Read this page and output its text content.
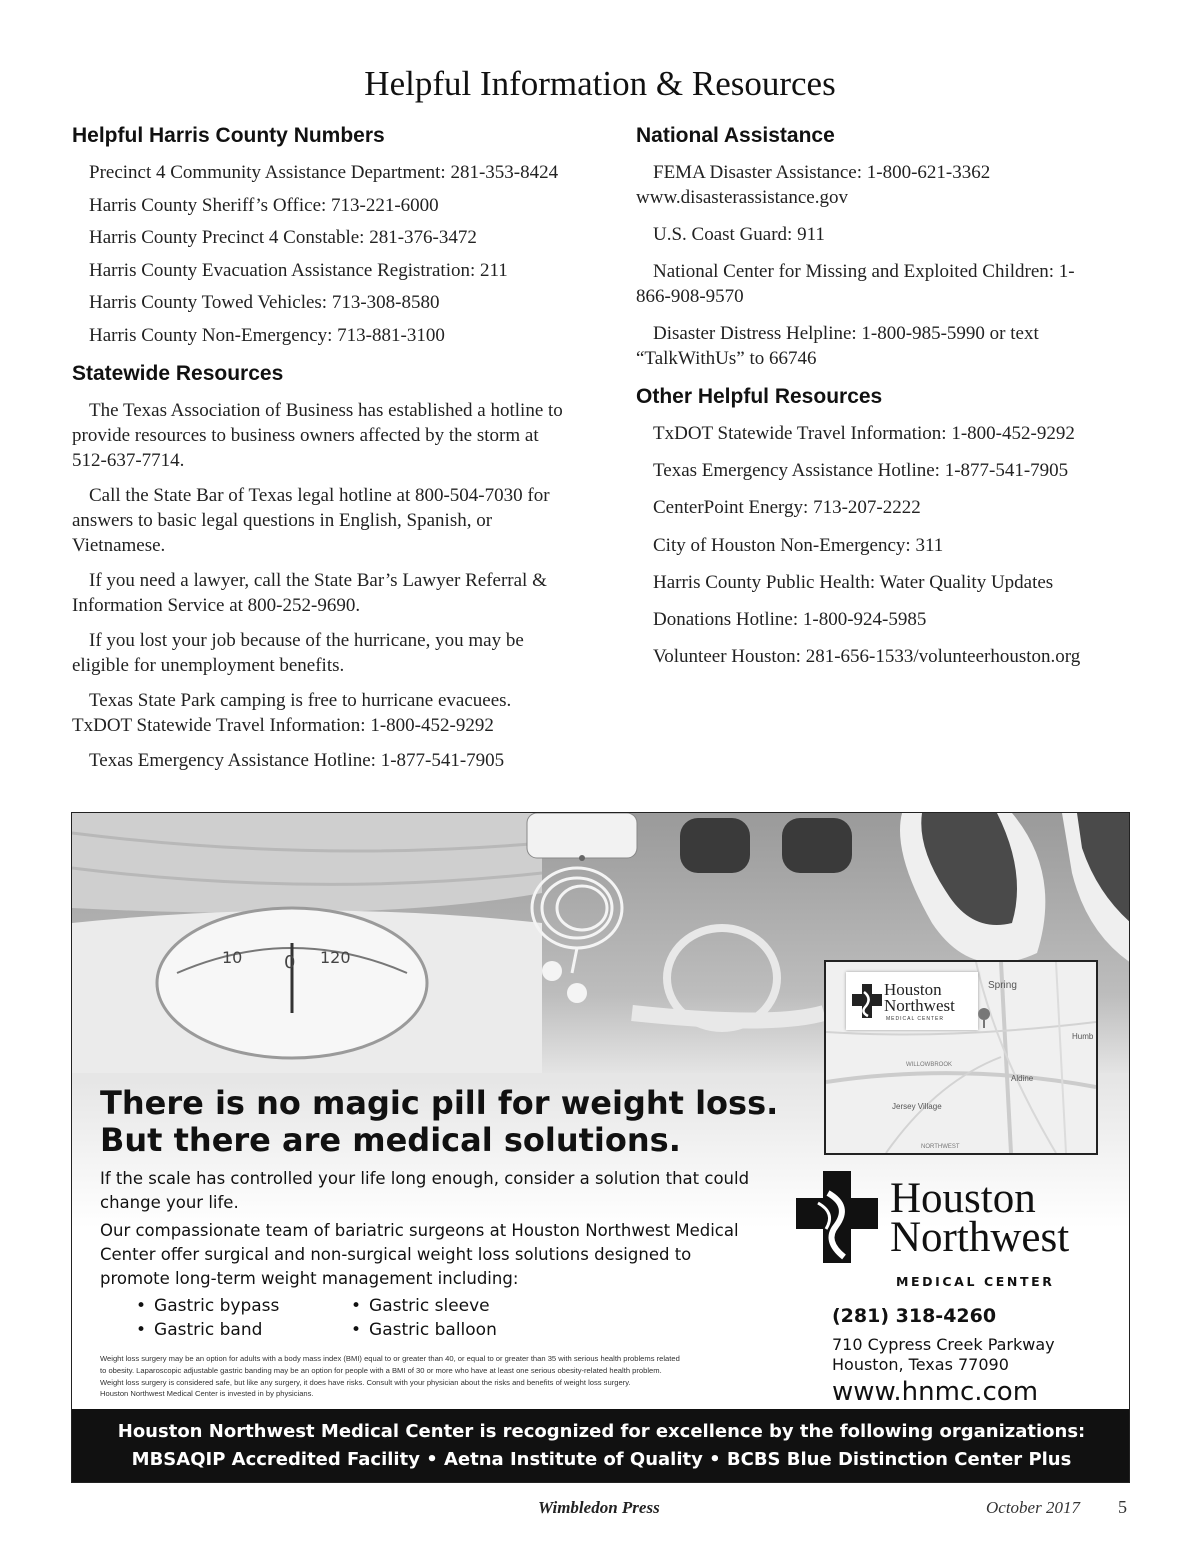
Helpful Information & Resources
Helpful Harris County Numbers

Precinct 4 Community Assistance Department: 281-353-8424

Harris County Sheriff’s Office: 713-221-6000

Harris County Precinct 4 Constable: 281-376-3472

Harris County Evacuation Assistance Registration: 211

Harris County Towed Vehicles: 713-308-8580

Harris County Non-Emergency: 713-881-3100

Statewide Resources

The Texas Association of Business has established a hotline to provide resources to business owners affected by the storm at 512-637-7714.

Call the State Bar of Texas legal hotline at 800-504-7030 for answers to basic legal questions in English, Spanish, or Vietnamese.

If you need a lawyer, call the State Bar’s Lawyer Referral & Information Service at 800-252-9690.

If you lost your job because of the hurricane, you may be eligible for unemployment benefits.

Texas State Park camping is free to hurricane evacuees. TxDOT Statewide Travel Information: 1-800-452-9292

Texas Emergency Assistance Hotline: 1-877-541-7905

National Assistance

FEMA Disaster Assistance: 1-800-621-3362 www.disasterassistance.gov

U.S. Coast Guard: 911

National Center for Missing and Exploited Children: 1-866-908-9570

Disaster Distress Helpline: 1-800-985-5990 or text “TalkWithUs” to 66746

Other Helpful Resources

TxDOT Statewide Travel Information: 1-800-452-9292

Texas Emergency Assistance Hotline: 1-877-541-7905

CenterPoint Energy: 713-207-2222

City of Houston Non-Emergency: 311

Harris County Public Health: Water Quality Updates

Donations Hotline: 1-800-924-5985

Volunteer Houston: 281-656-1533/volunteerhouston.org

10 0 120
Houston
Northwest
MEDICAL CENTER
Spring
Aldine
Jersey Village
Humb
WILLOWBROOK
NORTHWEST
There is no magic pill for weight loss.
But there are medical solutions.

If the scale has controlled your life long enough, consider a solution that could change your life.

Our compassionate team of bariatric surgeons at Houston Northwest Medical Center offer surgical and non-surgical weight loss solutions designed to promote long-term weight management including:

• Gastric bypass	• Gastric sleeve
• Gastric band	• Gastric balloon

Weight loss surgery may be an option for adults with a body mass index (BMI) equal to or greater than 40, or equal to or greater than 35 with serious health problems related
to obesity. Laparoscopic adjustable gastric banding may be an option for people with a BMI of 30 or more who have at least one serious obesity-related health problem.
Weight loss surgery is considered safe, but like any surgery, it does have risks. Consult with your physician about the risks and benefits of weight loss surgery.
Houston Northwest Medical Center is invested in by physicians.

Houston
Northwest

MEDICAL CENTER

(281) 318-4260

710 Cypress Creek Parkway
Houston, Texas 77090

www.hnmc.com

Houston Northwest Medical Center is recognized for excellence by the following organizations:

MBSAQIP Accredited Facility • Aetna Institute of Quality • BCBS Blue Distinction Center Plus

Wimbledon Press	October 2017 5
